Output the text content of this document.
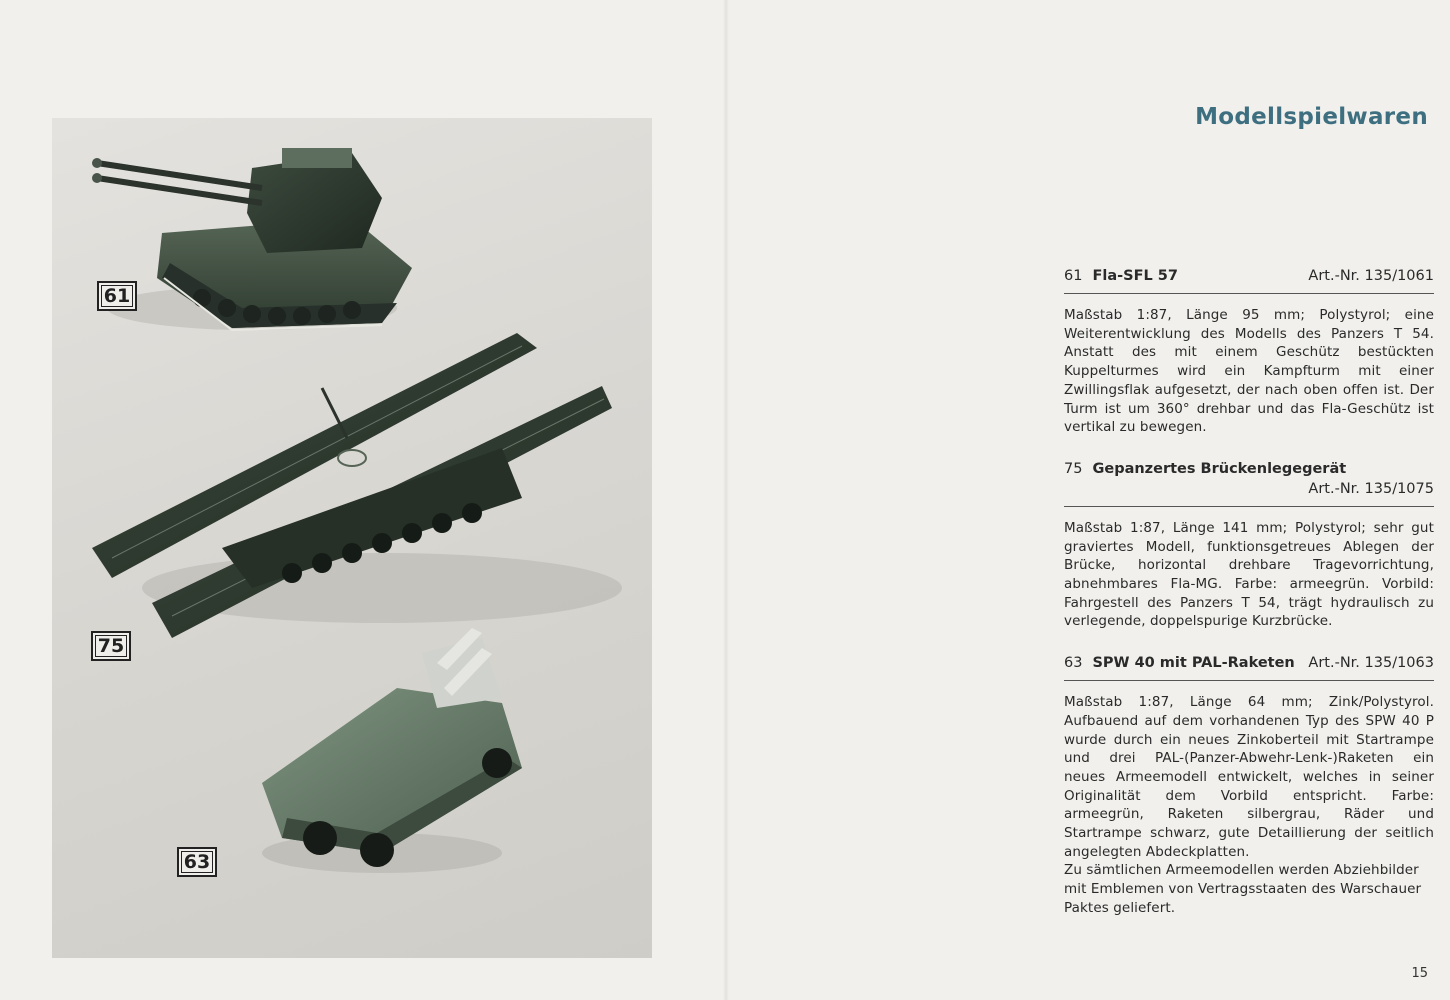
61
75
63
Modellspielwaren
61 Fla-SFL 57	Art.-Nr. 135/1061
Maßstab 1:87, Länge 95 mm; Polystyrol; eine Weiterentwicklung des Modells des Panzers T 54. Anstatt des mit einem Geschütz bestückten Kuppelturmes wird ein Kampfturm mit einer Zwillingsflak aufgesetzt, der nach oben offen ist. Der Turm ist um 360° drehbar und das Fla-Geschütz ist vertikal zu bewegen.
75 Gepanzertes Brückenlegegerät
Art.-Nr. 135/1075
Maßstab 1:87, Länge 141 mm; Polystyrol; sehr gut graviertes Modell, funktionsgetreues Ablegen der Brücke, horizontal drehbare Tragevorrichtung, abnehmbares Fla-MG. Farbe: armeegrün. Vorbild: Fahrgestell des Panzers T 54, trägt hydraulisch zu verlegende, doppelspurige Kurzbrücke.
63 SPW 40 mit PAL-Raketen Art.-Nr. 135/1063
Maßstab 1:87, Länge 64 mm; Zink/Polystyrol. Aufbauend auf dem vorhandenen Typ des SPW 40 P wurde durch ein neues Zinkoberteil mit Startrampe und drei PAL-(Panzer-Abwehr-Lenk-)Raketen ein neues Armeemodell entwickelt, welches in seiner Originalität dem Vorbild entspricht. Farbe: armeegrün, Raketen silbergrau, Räder und Startrampe schwarz, gute Detaillierung der seitlich angelegten Abdeckplatten.
Zu sämtlichen Armeemodellen werden Abziehbilder mit Emblemen von Vertragsstaaten des Warschauer Paktes geliefert.
15
